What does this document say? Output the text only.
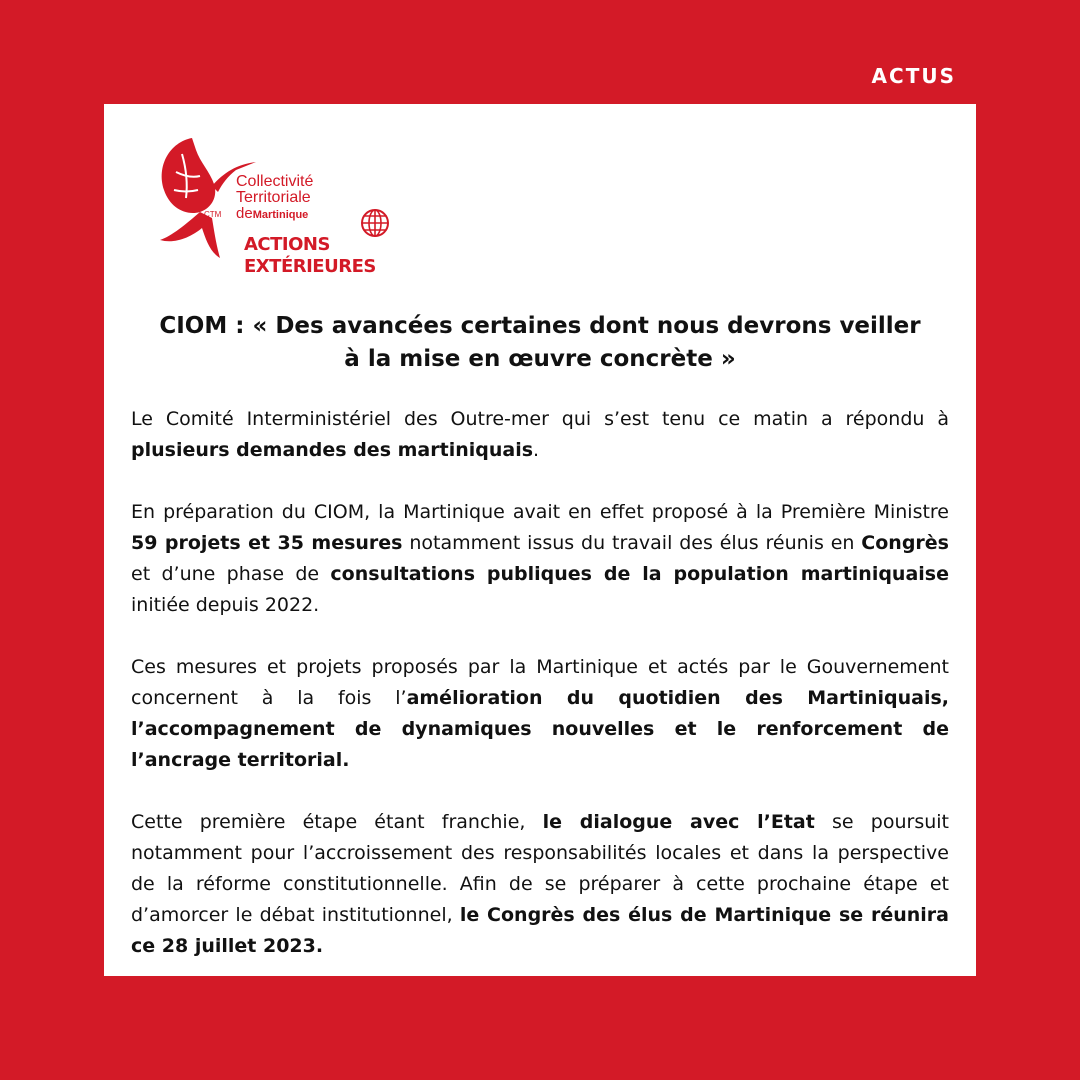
ACTUS
CTM
Collectivité
Territoriale
deMartinique
ACTIONS
EXTÉRIEURES
CIOM : « Des avancées certaines dont nous devrons veiller
à la mise en œuvre concrète »

Le Comité Interministériel des Outre-mer qui s’est tenu ce matin a répondu à plusieurs demandes des martiniquais.

En préparation du CIOM, la Martinique avait en effet proposé à la Première Ministre 59 projets et 35 mesures notamment issus du travail des élus réunis en Congrès et d’une phase de consultations publiques de la population martiniquaise initiée depuis 2022.

Ces mesures et projets proposés par la Martinique et actés par le Gouvernement concernent à la fois l’amélioration du quotidien des Martiniquais, l’accompagnement de dynamiques nouvelles et le renforcement de l’ancrage territorial.

Cette première étape étant franchie, le dialogue avec l’Etat se poursuit notamment pour l’accroissement des responsabilités locales et dans la perspective de la réforme constitutionnelle. Afin de se préparer à cette prochaine étape et d’amorcer le débat institutionnel, le Congrès des élus de Martinique se réunira ce 28 juillet 2023.
